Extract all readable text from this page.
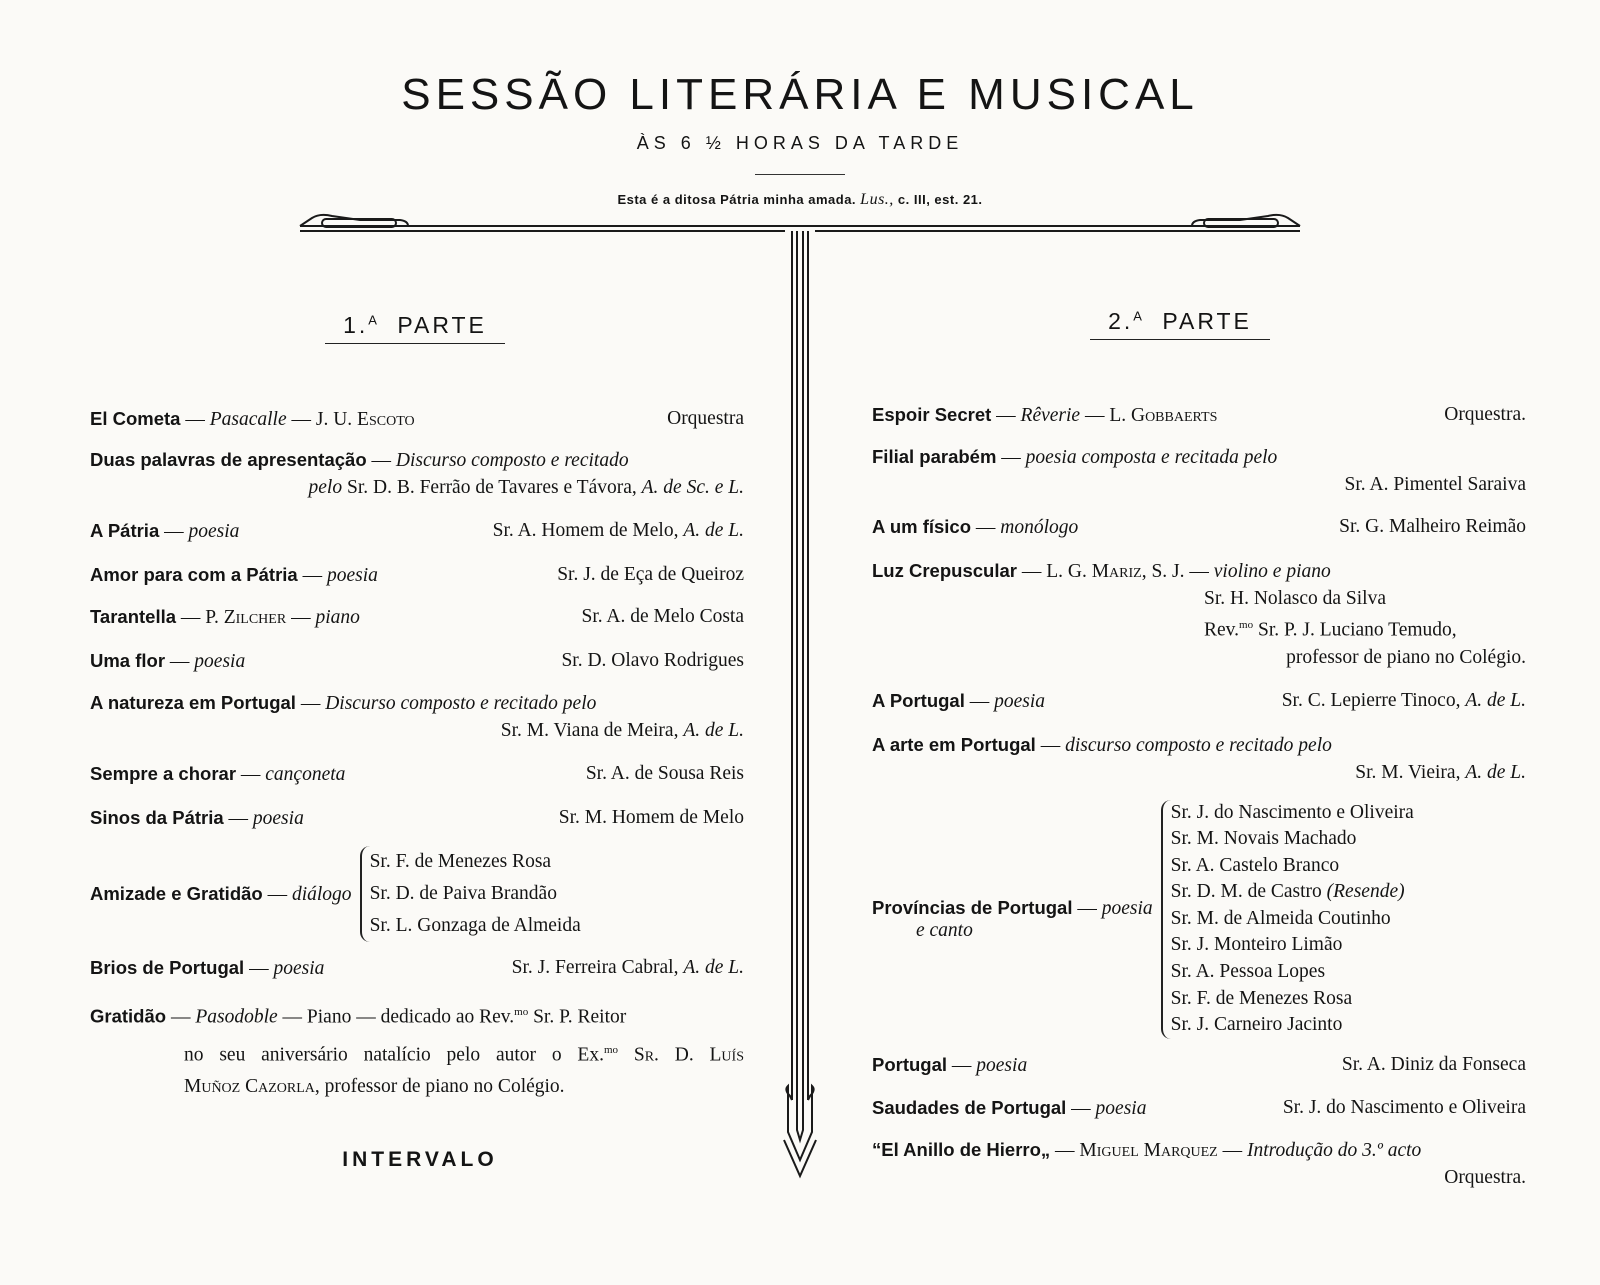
SESSÃO LITERÁRIA E MUSICAL
ÀS 6 ½ HORAS DA TARDE
Esta é a ditosa Pátria minha amada. Lus., c. III, est. 21.
1.$^A$ PARTE
El Cometa — Pasacalle — J. U. Escoto	Orquestra
Duas palavras de apresentação — Discurso composto e recitado
pelo Sr. D. B. Ferrão de Tavares e Távora, A. de Sc. e L.
A Pátria — poesia	Sr. A. Homem de Melo, A. de L.
Amor para com a Pátria — poesia	Sr. J. de Eça de Queiroz
Tarantella — P. Zilcher — piano	Sr. A. de Melo Costa
Uma flor — poesia	Sr. D. Olavo Rodrigues
A natureza em Portugal — Discurso composto e recitado pelo
Sr. M. Viana de Meira, A. de L.
Sempre a chorar — cançoneta	Sr. A. de Sousa Reis
Sinos da Pátria — poesia	Sr. M. Homem de Melo
Amizade e Gratidão — diálogo
Sr. F. de Menezes Rosa
Sr. D. de Paiva Brandão
Sr. L. Gonzaga de Almeida
Brios de Portugal — poesia	Sr. J. Ferreira Cabral, A. de L.
Gratidão — Pasodoble — Piano — dedicado ao Rev.$^{mo}$ Sr. P. Reitor
no seu aniversário natalício pelo autor o Ex.$^{mo}$ Sr. D. Luís
Muñoz Cazorla, professor de piano no Colégio.
INTERVALO
2.$^A$ PARTE
Espoir Secret — Rêverie — L. Gobbaerts	Orquestra.
Filial parabém — poesia composta e recitada pelo
Sr. A. Pimentel Saraiva
A um físico — monólogo	Sr. G. Malheiro Reimão
Luz Crepuscular — L. G. Mariz, S. J. — violino e piano
Sr. H. Nolasco da Silva
Rev.$^{mo}$ Sr. P. J. Luciano Temudo,
professor de piano no Colégio.
A Portugal — poesia	Sr. C. Lepierre Tinoco, A. de L.
A arte em Portugal — discurso composto e recitado pelo
Sr. M. Vieira, A. de L.
Províncias de Portugal — poesia
e canto
Sr. J. do Nascimento e Oliveira
Sr. M. Novais Machado
Sr. A. Castelo Branco
Sr. D. M. de Castro (Resende)
Sr. M. de Almeida Coutinho
Sr. J. Monteiro Limão
Sr. A. Pessoa Lopes
Sr. F. de Menezes Rosa
Sr. J. Carneiro Jacinto
Portugal — poesia	Sr. A. Diniz da Fonseca
Saudades de Portugal — poesia	Sr. J. do Nascimento e Oliveira
“El Anillo de Hierro„ — Miguel Marquez — Introdução do 3.º acto
Orquestra.
